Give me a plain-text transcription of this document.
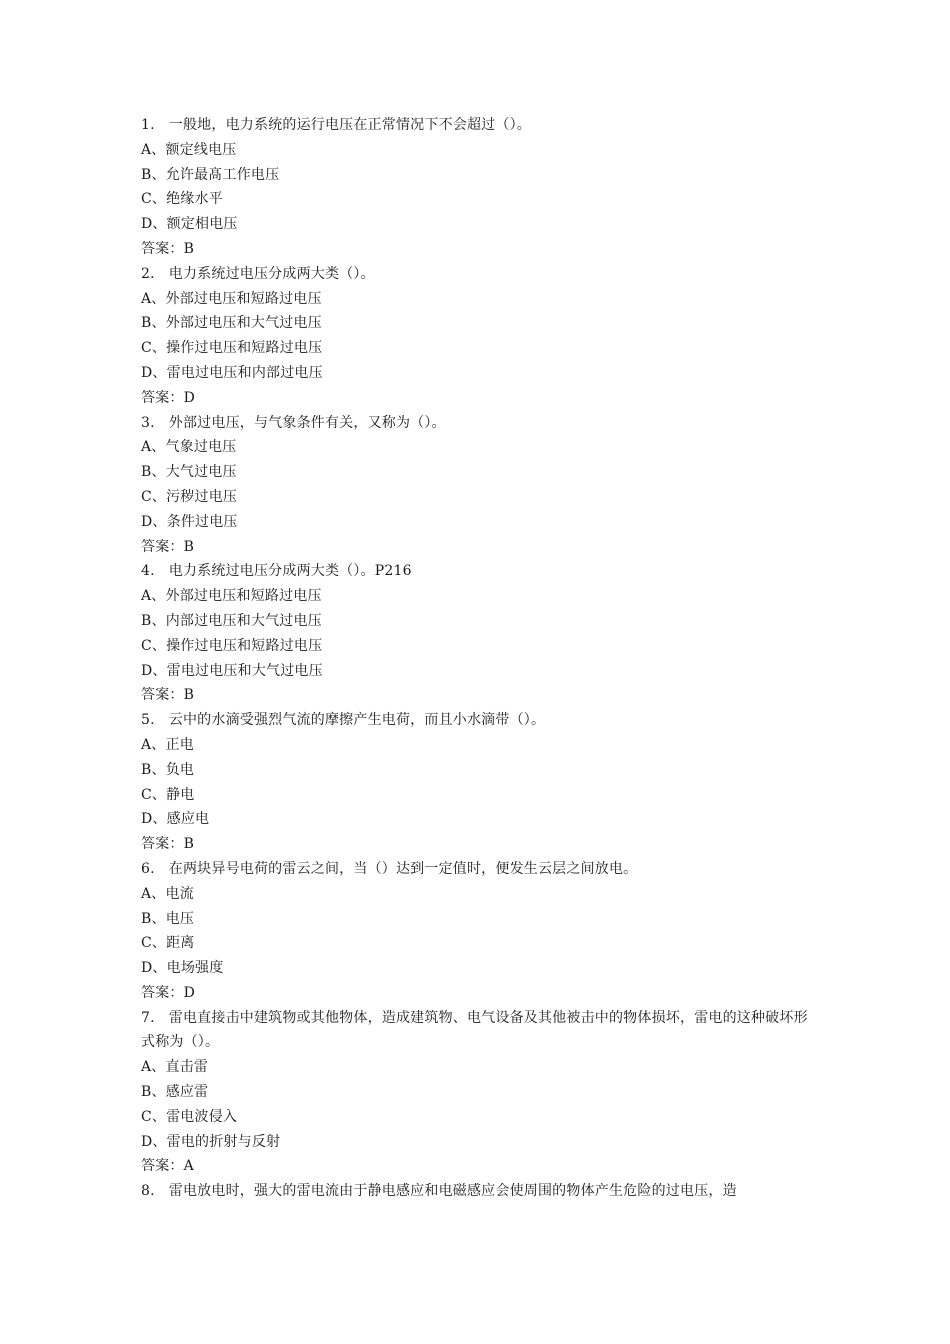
1. 一般地，电力系统的运行电压在正常情况下不会超过（）。
A、额定线电压
B、允许最髙工作电压
C、绝缘水平
D、额定相电压
答案：B
2. 电力系统过电压分成两大类（）。
A、外部过电压和短路过电压
B、外部过电压和大气过电压
C、操作过电压和短路过电压
D、雷电过电压和内部过电压
答案：D
3. 外部过电压，与气象条件有关，又称为（）。
A、气象过电压
B、大气过电压
C、污秽过电压
D、条件过电压
答案：B
4. 电力系统过电压分成两大类（）。P216
A、外部过电压和短路过电压
B、内部过电压和大气过电压
C、操作过电压和短路过电压
D、雷电过电压和大气过电压
答案：B
5. 云中的水滴受强烈气流的摩擦产生电荷，而且小水滴带（）。
A、正电
B、负电
C、静电
D、感应电
答案：B
6. 在两块异号电荷的雷云之间，当（）达到一定值时，便发生云层之间放电。
A、电流
B、电压
C、距离
D、电场强度
答案：D
7. 雷电直接击中建筑物或其他物体，造成建筑物、电气设备及其他被击中的物体损坏，雷电的这种破坏形式称为（）。
A、直击雷
B、感应雷
C、雷电波侵入
D、雷电的折射与反射
答案：A
8. 雷电放电时，强大的雷电流由于静电感应和电磁感应会使周围的物体产生危险的过电压，造
